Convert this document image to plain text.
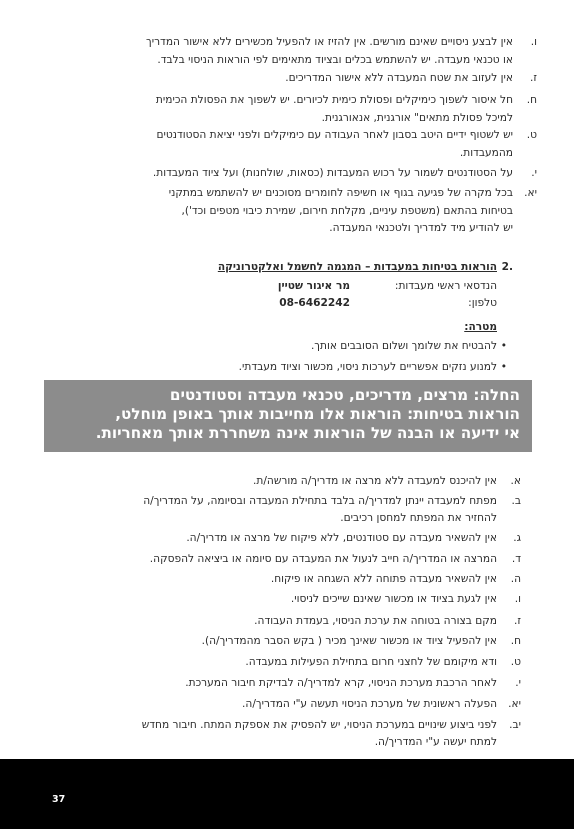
ו.
אין לבצע ניסויים שאינם מורשים. אין להזיז או להפעיל מכשירים ללא אישור המדריך
או טכנאי מעבדה. יש להשתמש בכלים ובציוד מתאימים לפי הוראות הניסוי בלבד.
ז.
אין לעזוב את שטח המעבדה ללא אישור המדריכים.
ח.
חל איסור לשפוך כימיקלים ופסולת כימית לכיורים. יש לשפוך את הפסולת הכימית
למיכל פסולת מתאים" אורגנית, אנאורגנית.
ט.
יש לשטוף ידיים היטב בסבון לאחר העבודה עם כימיקלים ולפני יציאת הסטודנטים
מהמעבדות.
י.
על הסטודנטים לשמור על רכוש המעבדות (כסאות, שולחנות) ועל ציוד המעבדות.
יא.
בכל מקרה של פגיעה בגוף או חשיפה לחומרים מסוכנים יש להשתמש במתקני
בטיחות בהתאם (משטפת עיניים, מקלחת חירום, שמירת כיבוי מטפים וכד'),
יש להודיע מיד למדריך ולטכנאי המעבדה.
.2
הוראות בטיחות במעבדות – המגמה לחשמל ואלקטרוניקה
הנדסאי ראשי מעבדות:
מר איגור שטיין
טלפון:
08-6462242
מטרה:
•
להבטיח את שלומך ושלום הסובבים אותך.
•
למנוע נזקים אפשריים לערכות ניסוי, מכשור וציוד מעבדתי.
החלה: מרצים, מדריכים, טכנאי מעבדה וסטודנטים
הוראות בטיחות: הוראות אלו מחייבות אותך באופן מוחלט,
אי ידיעה או הבנה של הוראות אינה משחררת אותך מאחריות.
א.
אין להיכנס למעבדה ללא מרצה או מדריך/ה מורשה/ת.
ב.
מפתח למעבדה יינתן למדריך/ה בלבד בתחילת המעבדה ובסיומה, על המדריך/ה
להחזיר את המפתח למחסן רכיבים.
ג.
אין להשאיר מעבדה עם סטודנטים, ללא פיקוח של מרצה או מדריך/ה.
ד.
המרצה או המדריך/ה חייב לנעול את המעבדה עם סיומה או ביציאה להפסקה.
ה.
אין להשאיר מעבדה פתוחה ללא השגחה או פיקוח.
ו.
אין לגעת בציוד או מכשור שאינם שייכים לניסוי.
ז.
מקם בצורה בטוחה את ערכת הניסוי, בעמדת העבודה.
ח.
אין להפעיל ציוד או מכשור שאינך מכיר ( בקש הסבר מהמדריך/ה).
ט.
ודא מיקומם של לחצני חרום בתחילת הפעילות במעבדה.
י.
לאחר הרכבת מערכת הניסוי, קרא למדריך/ה לבדיקת חיבור המערכת.
יא.
הפעלה ראשונית של מערכת הניסוי תעשה ע"י המדריך/ה.
יב.
לפני ביצוע שינויים במערכת הניסוי, יש להפסיק את אספקת המתח. חיבור מחדש
למתח יעשה ע"י המדריך/ה.
37
